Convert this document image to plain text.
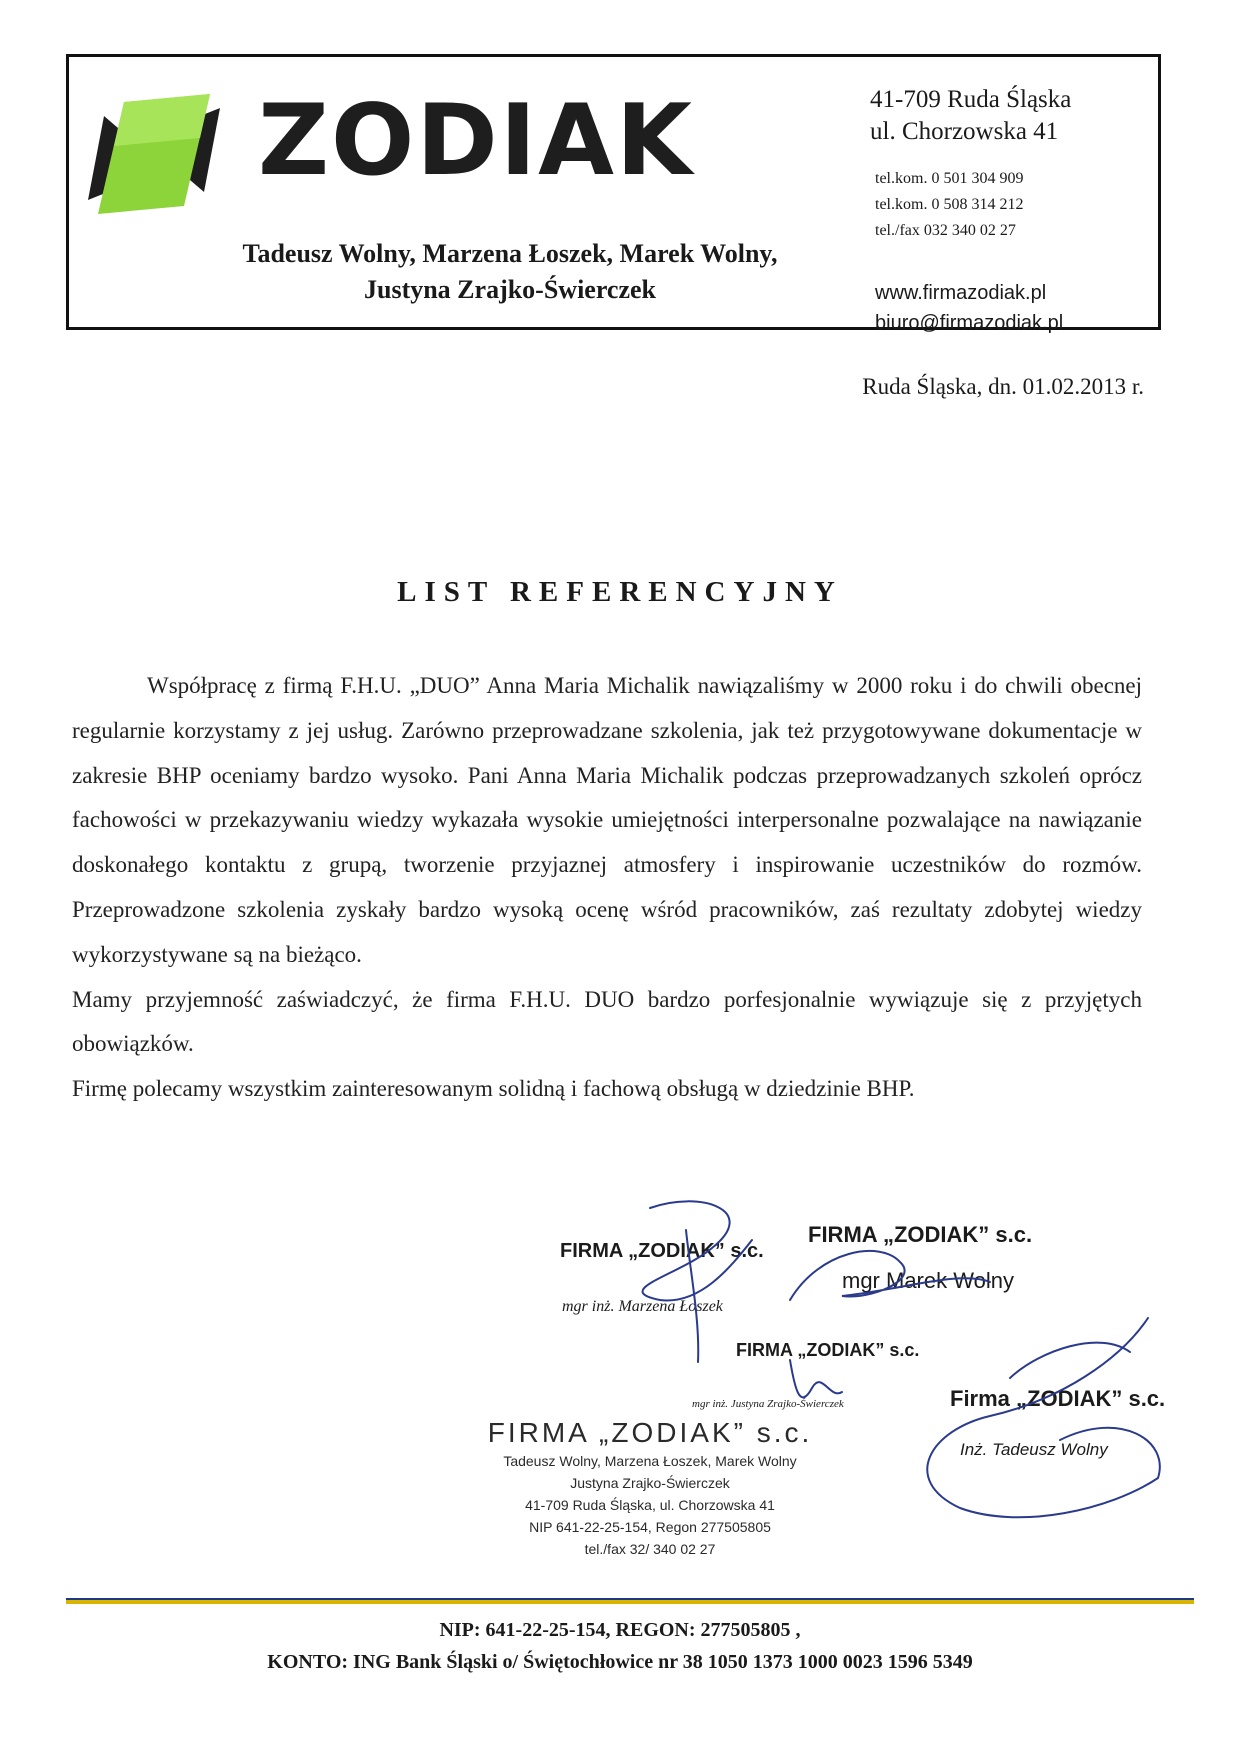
ZODIAK
Tadeusz Wolny, Marzena Łoszek, Marek Wolny,
Justyna Zrajko-Świerczek
41-709 Ruda Śląska
ul. Chorzowska 41
tel.kom. 0 501 304 909
tel.kom. 0 508 314 212
tel./fax 032 340 02 27
www.firmazodiak.pl
biuro@firmazodiak.pl
Ruda Śląska, dn. 01.02.2013 r.
LIST REFERENCYJNY

Współpracę z firmą F.H.U. „DUO” Anna Maria Michalik nawiązaliśmy w 2000 roku i do chwili obecnej regularnie korzystamy z jej usług. Zarówno przeprowadzane szkolenia, jak też przygotowywane dokumentacje w zakresie BHP oceniamy bardzo wysoko. Pani Anna Maria Michalik podczas przeprowadzanych szkoleń oprócz fachowości w przekazywaniu wiedzy wykazała wysokie umiejętności interpersonalne pozwalające na nawiązanie doskonałego kontaktu z grupą, tworzenie przyjaznej atmosfery i inspirowanie uczestników do rozmów. Przeprowadzone szkolenia zyskały bardzo wysoką ocenę wśród pracowników, zaś rezultaty zdobytej wiedzy wykorzystywane są na bieżąco.

Mamy przyjemność zaświadczyć, że firma F.H.U. DUO bardzo porfesjonalnie wywiązuje się z przyjętych obowiązków.

Firmę polecamy wszystkim zainteresowanym solidną i fachową obsługą w dziedzinie BHP.

FIRMA „ZODIAK” s.c.
mgr inż. Marzena Łoszek
FIRMA „ZODIAK” s.c.
mgr Marek Wolny
FIRMA „ZODIAK” s.c.
mgr inż. Justyna Zrajko-Świerczek	Firma „ZODIAK” s.c.
Inż. Tadeusz Wolny
FIRMA „ZODIAK” s.c.
Tadeusz Wolny, Marzena Łoszek, Marek Wolny
Justyna Zrajko-Świerczek
41-709 Ruda Śląska, ul. Chorzowska 41
NIP 641-22-25-154, Regon 277505805
tel./fax 32/ 340 02 27
NIP: 641-22-25-154, REGON: 277505805 ,
KONTO: ING Bank Śląski o/ Świętochłowice nr 38 1050 1373 1000 0023 1596 5349
